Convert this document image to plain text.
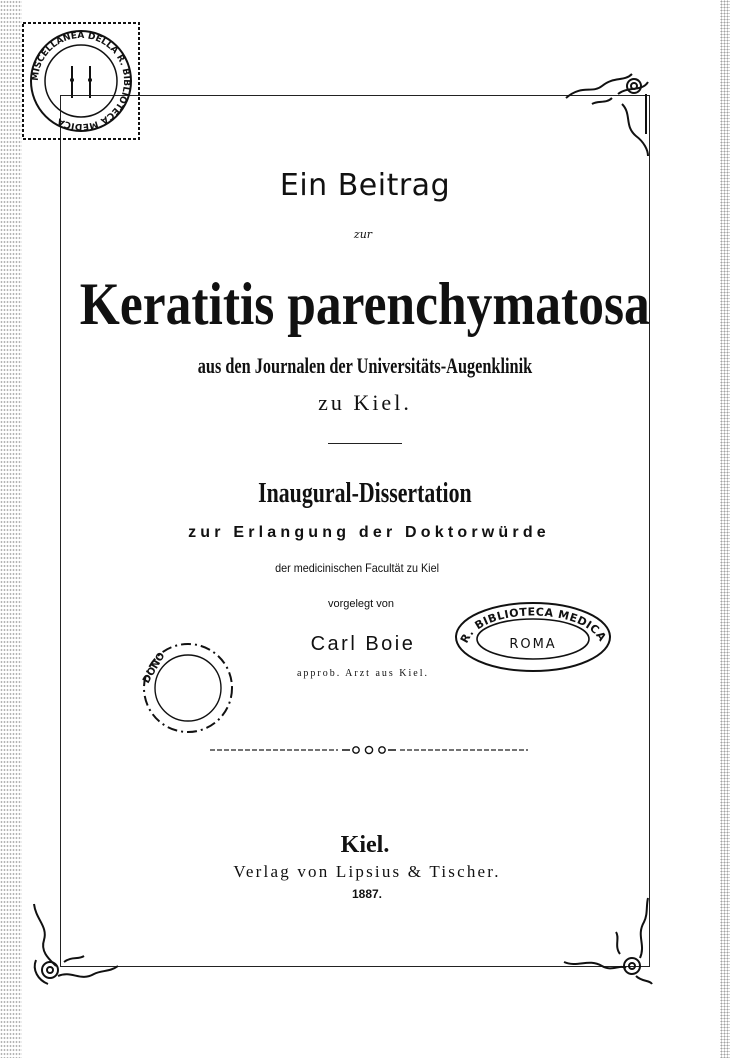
MISCELLANEA DELLA R. BIBLIOTECA MEDICA
R. BIBLIOTECA MEDICA
ROMA
DONO
Ein Beitrag
zur
Keratitis parenchymatosa
aus den Journalen der Universitäts-Augenklinik
zu Kiel.
Inaugural-Dissertation
zur Erlangung der Doktorwürde
der medicinischen Facultät zu Kiel
vorgelegt von
Carl Boie
approb. Arzt aus Kiel.
Kiel.
Verlag von Lipsius & Tischer.
1887.
